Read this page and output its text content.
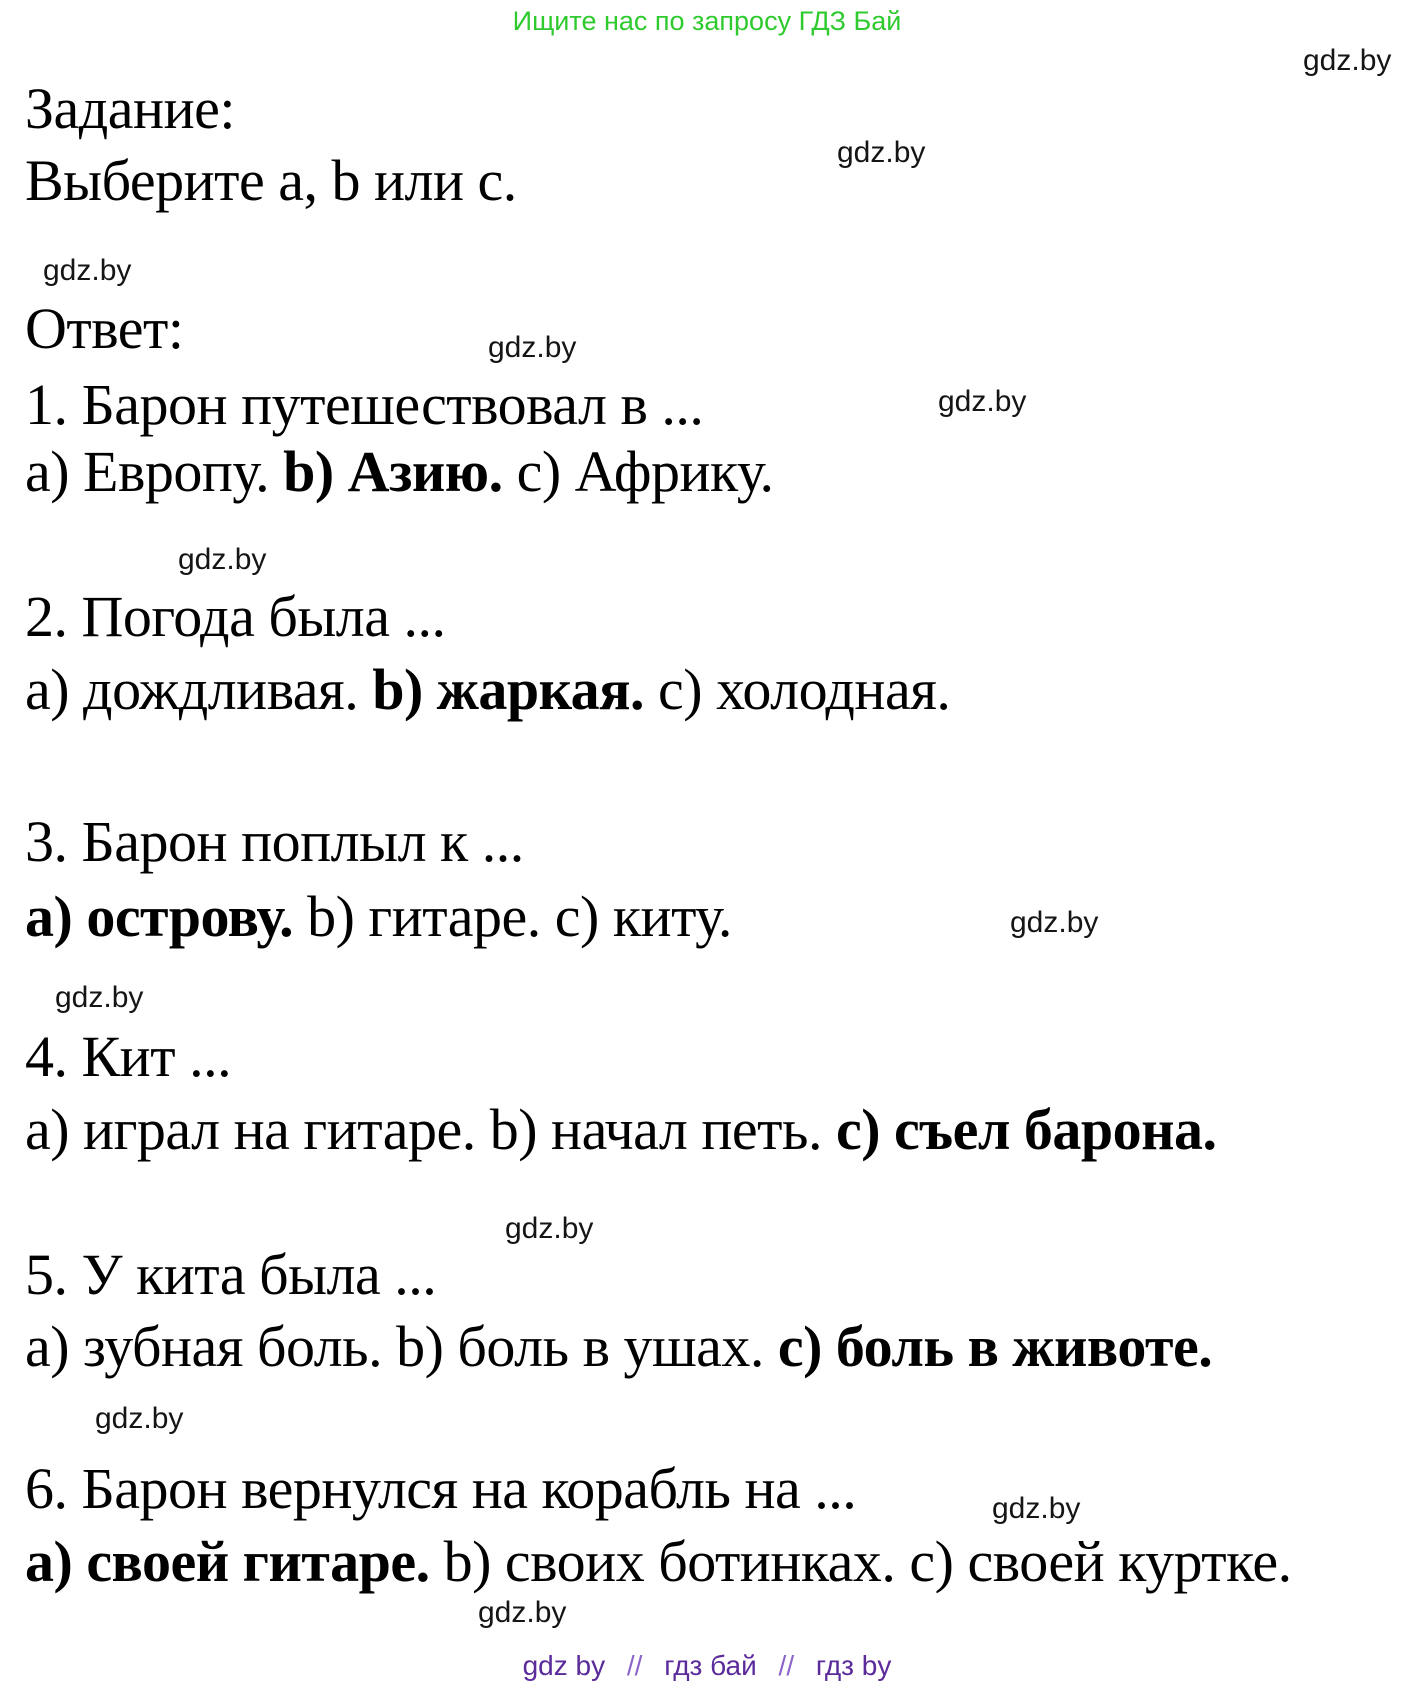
Ищите нас по запросу ГДЗ Бай
gdz.by
gdz.by
gdz.by
gdz.by
gdz.by
gdz.by
gdz.by
gdz.by
gdz.by
gdz.by
gdz.by
gdz.by
Задание:
Выберите a, b или c.
Ответ:
1. Барон путешествовал в ...
a) Европу. b) Азию. c) Африку.
2. Погода была ...
a) дождливая. b) жаркая. c) холодная.
3. Барон поплыл к ...
a) острову. b) гитаре. c) киту.
4. Кит ...
a) играл на гитаре. b) начал петь. c) съел барона.
5. У кита была ...
a) зубная боль. b) боль в ушах. c) боль в животе.
6. Барон вернулся на корабль на ...
a) своей гитаре. b) своих ботинках. c) своей куртке.
gdz by // гдз бай // гдз by
